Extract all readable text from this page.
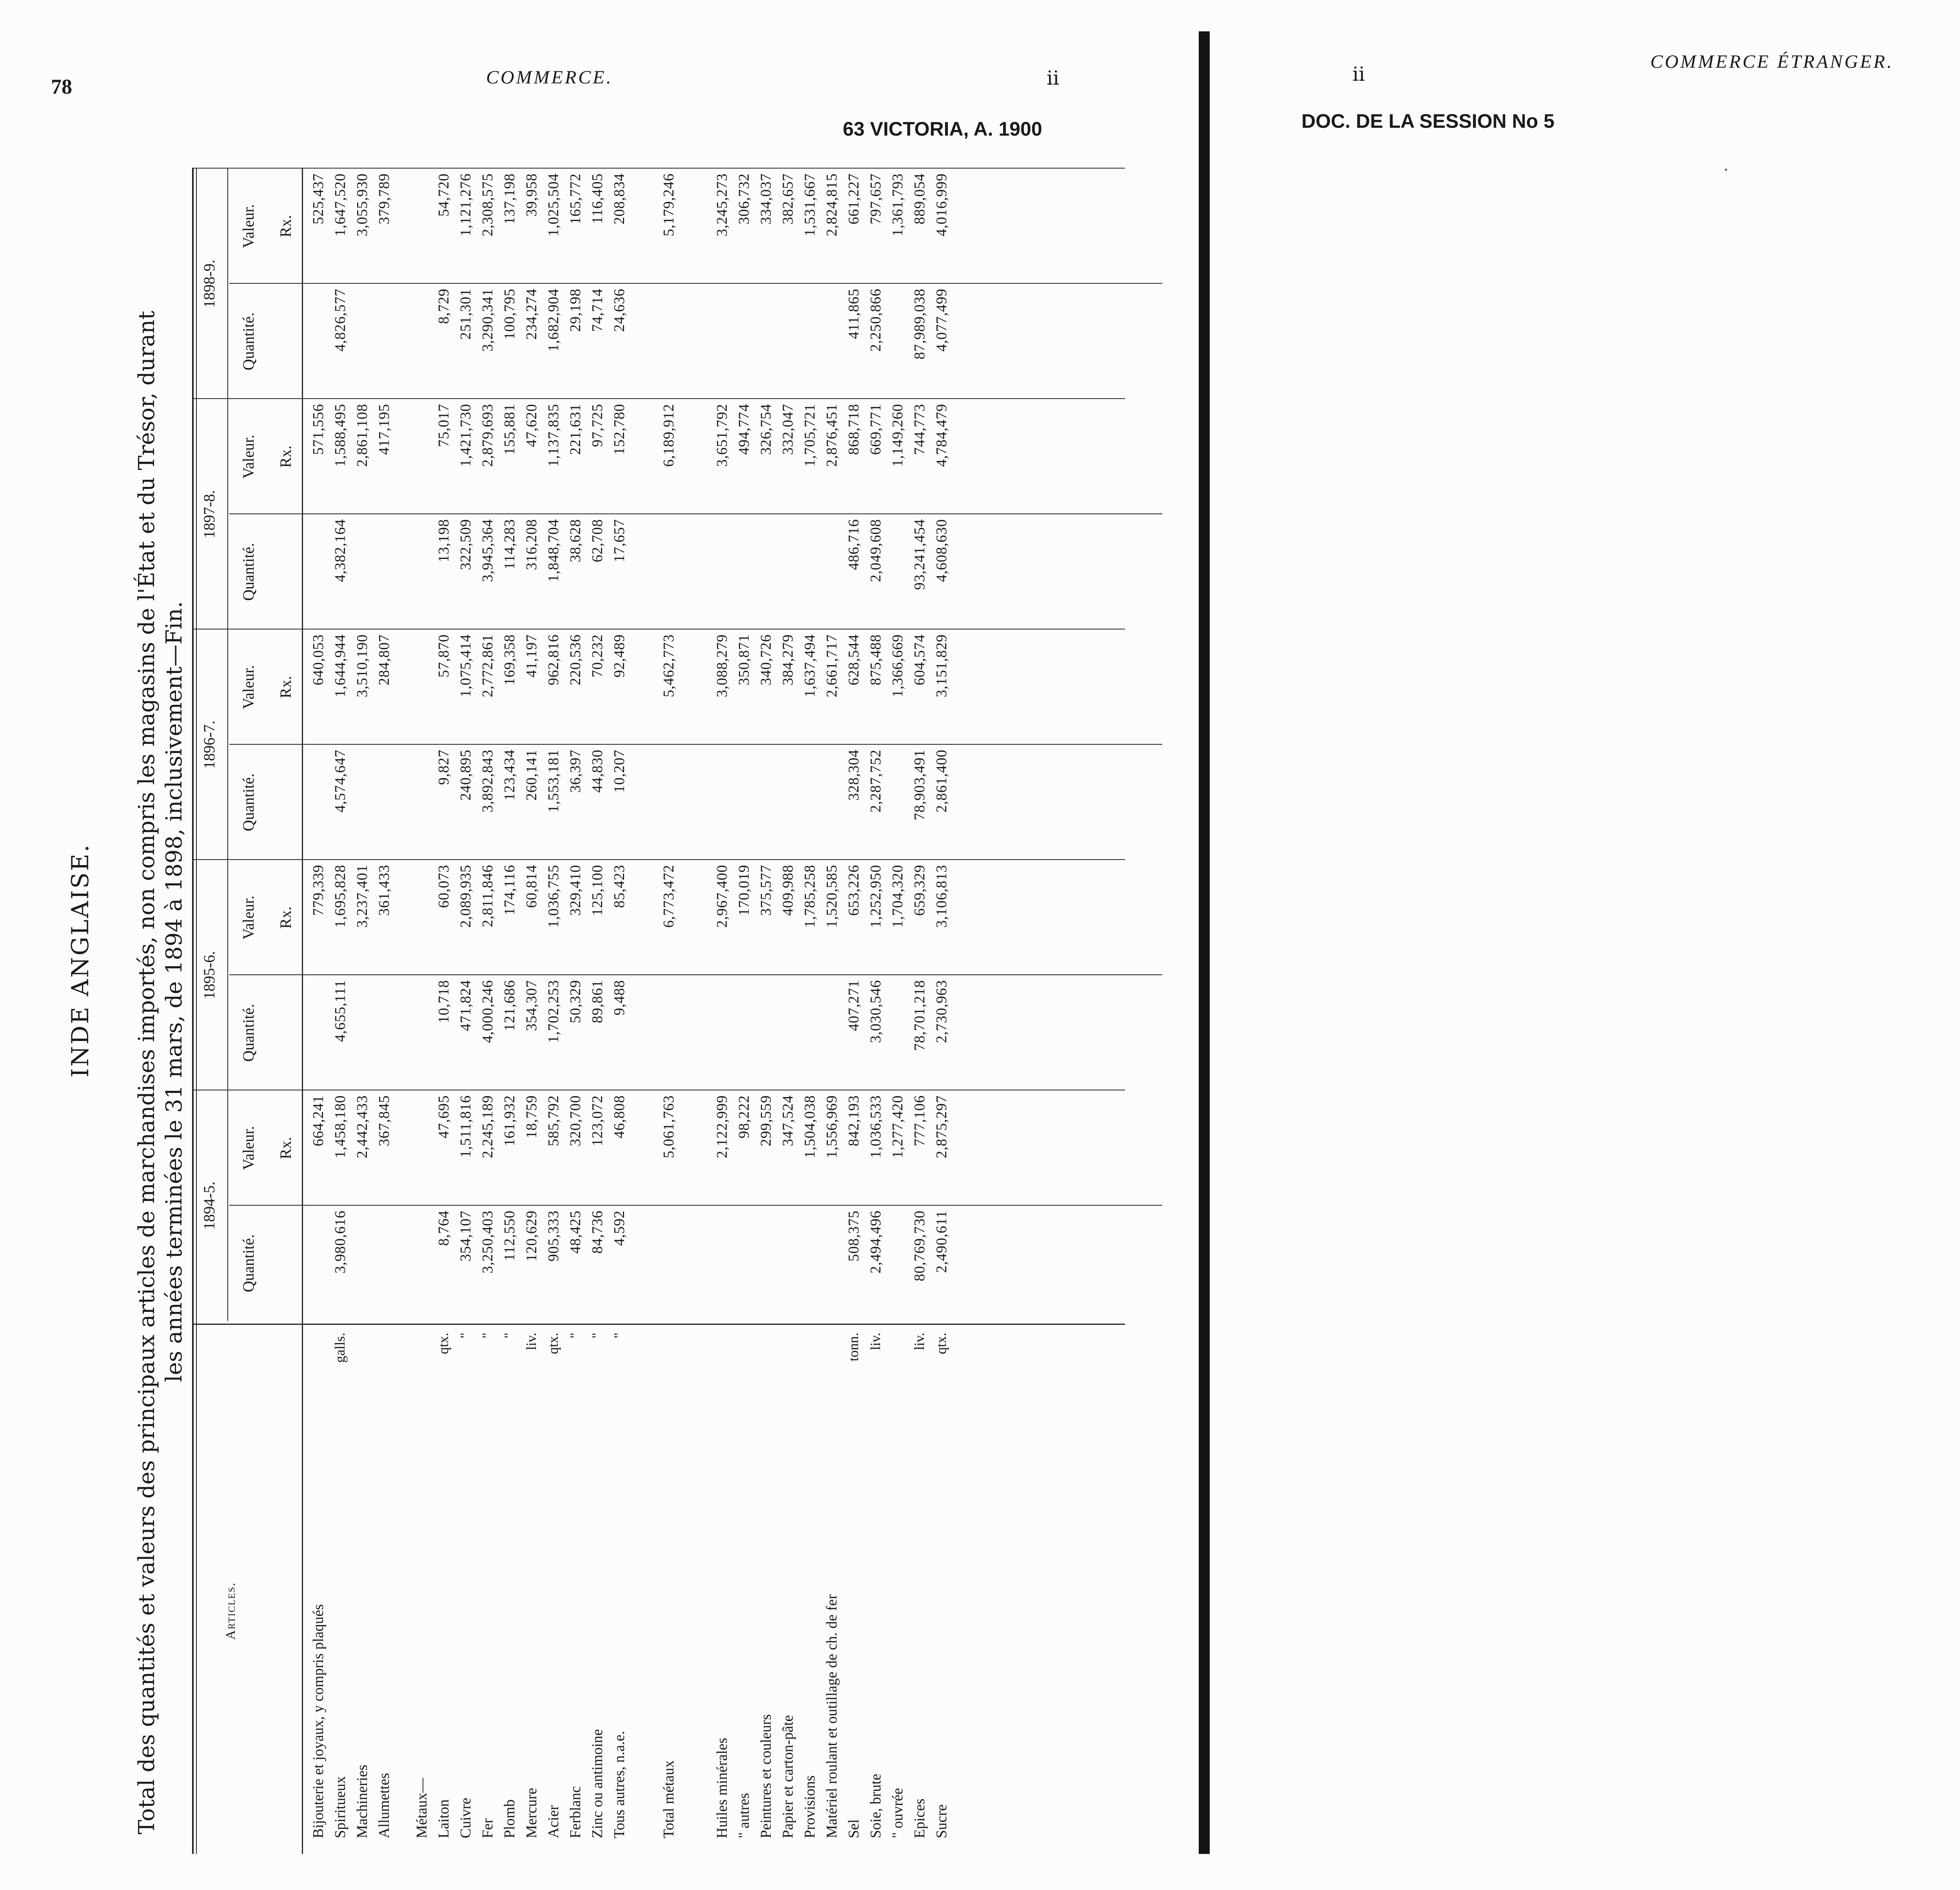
78	COMMERCE.	ii
63 VICTORIA, A. 1900
INDE ANGLAISE. Total des quantités et valeurs des principaux articles de marchandises importés, non compris les magasins de l'État et du Trésor, durant les années terminées le 31 mars, de 1894 à 1898, inclusivement—Fin.
Articles.
1894-5.
Quantité.
Valeur. Rx.
1895-6.
Quantité.
Valeur. Rx.
1896-7.
Quantité.
Valeur. Rx.
1897-8.
Quantité.
Valeur. Rx.
1898-9.
Quantité.
Valeur. Rx.
Bijouterie et joyaux, y compris plaqués
664,241
779,339
640,053
571,556
525,437
Spiritueux
galls.
3,980,616
1,458,180
4,655,111
1,695,828
4,574,647
1,644,944
4,382,164
1,588,495
4,826,577
1,647,520
Machineries
2,442,433
3,237,401
3,510,190
2,861,108
3,055,930
Allumettes
367,845
361,433
284,807
417,195
379,789
Métaux— Laiton
qtx.
8,764
47,695
10,718
60,073
9,827
57,870
13,198
75,017
8,729
54,720
Cuivre
"
354,107
1,511,816
471,824
2,089,935
240,895
1,075,414
322,509
1,421,730
251,301
1,121,276
Fer
"
3,250,403
2,245,189
4,000,246
2,811,846
3,892,843
2,772,861
3,945,364
2,879,693
3,290,341
2,308,575
Plomb
"
112,550
161,932
121,686
174,116
123,434
169,358
114,283
155,881
100,795
137,198
Mercure
liv.
120,629
18,759
354,307
60,814
260,141
41,197
316,208
47,620
234,274
39,958
Acier
qtx.
905,333
585,792
1,702,253
1,036,755
1,553,181
962,816
1,848,704
1,137,835
1,682,904
1,025,504
Ferblanc
"
48,425
320,700
50,329
329,410
36,397
220,536
38,628
221,631
29,198
165,772
Zinc ou antimoine
"
84,736
123,072
89,861
125,100
44,830
70,232
62,708
97,725
74,714
116,405
Tous autres, n.a.e.
"
4,592
46,808
9,488
85,423
10,207
92,489
17,657
152,780
24,636
208,834
Total métaux
5,061,763
6,773,472
5,462,773
6,189,912
5,179,246
Huiles minérales
2,122,999
2,967,400
3,088,279
3,651,792
3,245,273
" autres
98,222
170,019
350,871
494,774
306,732
Peintures et couleurs
299,559
375,577
340,726
326,754
334,037
Papier et carton-pâte
347,524
409,988
384,279
332,047
382,657
Provisions
1,504,038
1,785,258
1,637,494
1,705,721
1,531,667
Matériel roulant et outillage de ch. de fer
1,556,969
1,520,585
2,661,717
2,876,451
2,824,815
Sel
tonn.
508,375
842,193
407,271
653,226
328,304
628,544
486,716
868,718
411,865
661,227
Soie, brute
liv.
2,494,496
1,036,533
3,030,546
1,252,950
2,287,752
875,488
2,049,608
669,771
2,250,866
797,657
" ouvrée
1,277,420
1,704,320
1,366,669
1,149,260
1,361,793
Epices
liv.
80,769,730
777,106
78,701,218
659,329
78,903,491
604,574
93,241,454
744,773
87,989,038
889,054
Sucre
qtx.
2,490,611
2,875,297
2,730,963
3,106,813
2,861,400
3,151,829
4,608,630
4,784,479
4,077,499
4,016,999
ii
COMMERCE ÉTRANGER.
DOC. DE LA SESSION No 5
